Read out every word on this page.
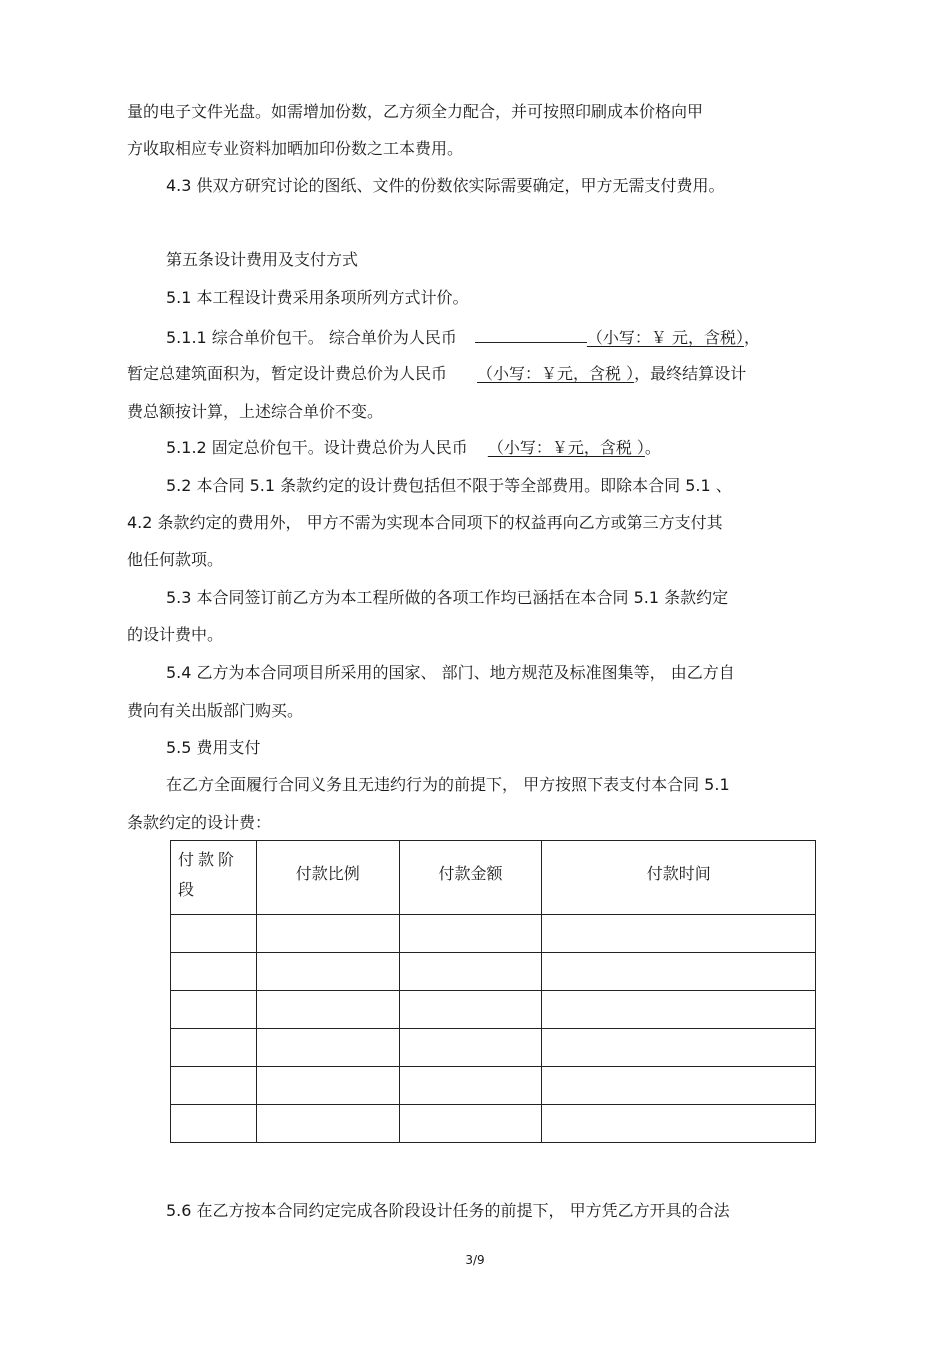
量的电子文件光盘。如需增加份数，乙方须全力配合，并可按照印刷成本价格向甲
方收取相应专业资料加晒加印份数之工本费用。
4.3 供双方研究讨论的图纸、文件的份数依实际需要确定，甲方无需支付费用。
第五条设计费用及支付方式
5.1 本工程设计费采用条项所列方式计价。
5.1.1 综合单价包干。 综合单价为人民币	（小写：￥ 元，含税），
暂定总建筑面积为，暂定设计费总价为人民币 （小写：￥元，含税 ），最终结算设计
费总额按计算，上述综合单价不变。
5.1.2 固定总价包干。设计费总价为人民币 （小写：￥元，含税 ）。
5.2 本合同 5.1 条款约定的设计费包括但不限于等全部费用。即除本合同 5.1 、
4.2 条款约定的费用外， 甲方不需为实现本合同项下的权益再向乙方或第三方支付其
他任何款项。
5.3 本合同签订前乙方为本工程所做的各项工作均已涵括在本合同 5.1 条款约定
的设计费中。
5.4 乙方为本合同项目所采用的国家、 部门、地方规范及标准图集等， 由乙方自
费向有关出版部门购买。
5.5 费用支付
在乙方全面履行合同义务且无违约行为的前提下， 甲方按照下表支付本合同 5.1
条款约定的设计费：
付款阶段	付款比例	付款金额	付款时间

5.6 在乙方按本合同约定完成各阶段设计任务的前提下， 甲方凭乙方开具的合法
3/9
